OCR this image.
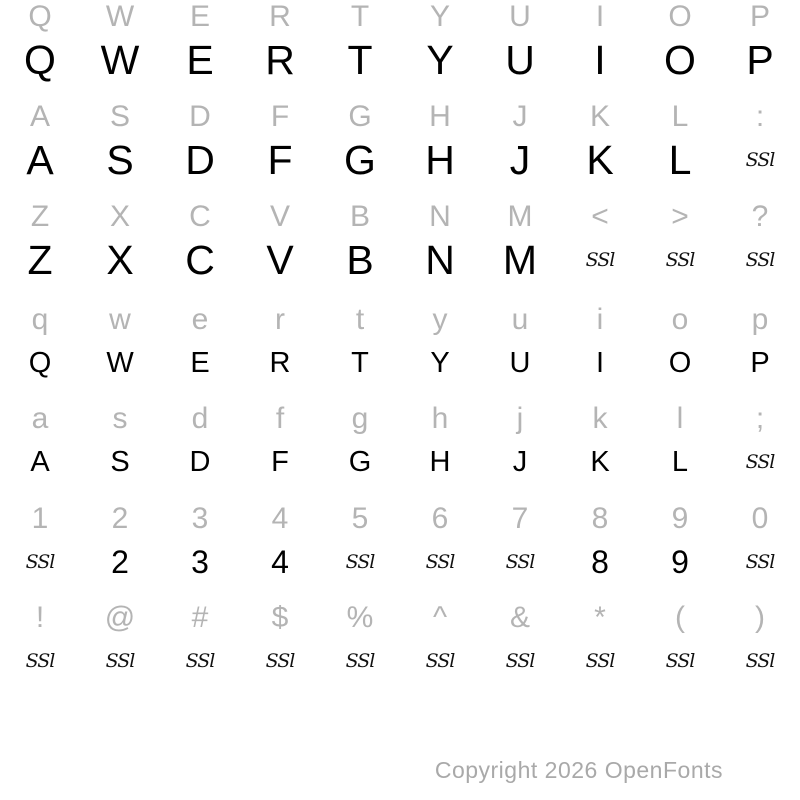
Q	W	E	R	T	Y	U	I	O	P
Q	W	E	R	T	Y	U	I	O	P
A	S	D	F	G	H	J	K	L	:
A	S	D	F	G	H	J	K	L	SSl
Z	X	C	V	B	N	M	<	>	?
Z	X	C	V	B	N	M	SSl	SSl	SSl
q	w	e	r	t	y	u	i	o	p
Q	W	E	R	T	Y	U	I	O	P
a	s	d	f	g	h	j	k	l	;
A	S	D	F	G	H	J	K	L	SSl
1	2	3	4	5	6	7	8	9	0
SSl	2	3	4	SSl	SSl	SSl	8	9	SSl
!	@	#	$	%	^	&	*	(	)
SSl	SSl	SSl	SSl	SSl	SSl	SSl	SSl	SSl	SSl
Copyright 2026 OpenFonts
